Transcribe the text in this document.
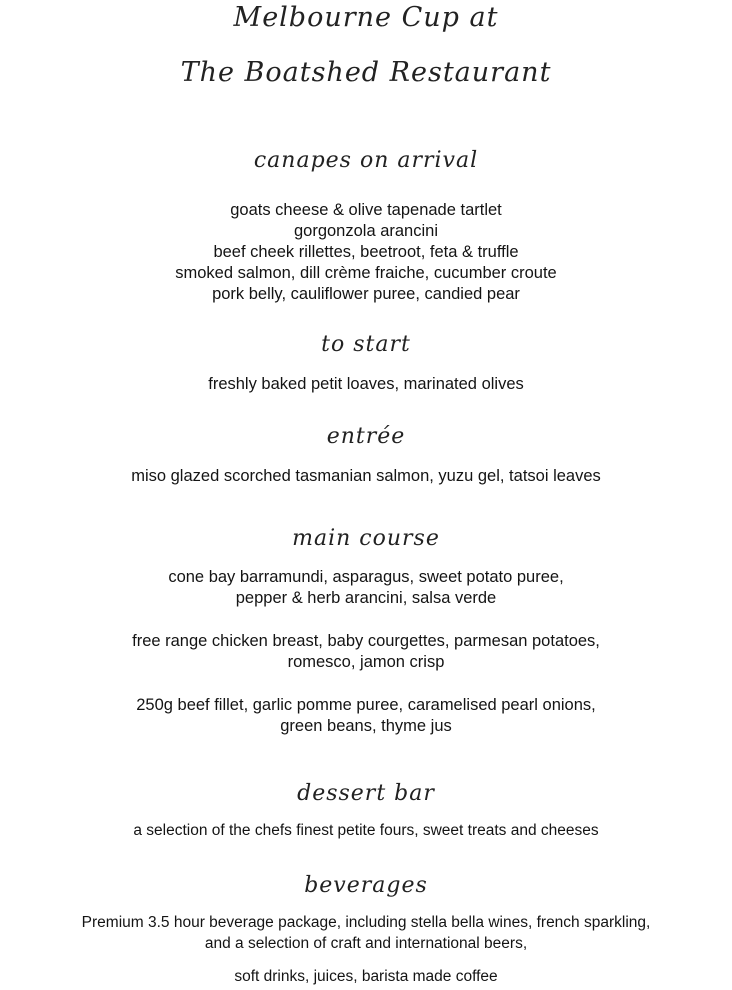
Melbourne Cup at
The Boatshed Restaurant
canapes on arrival
goats cheese & olive tapenade tartlet
gorgonzola arancini
beef cheek rillettes, beetroot, feta & truffle
smoked salmon, dill crème fraiche, cucumber croute
pork belly, cauliflower puree, candied pear
to start

freshly baked petit loaves, marinated olives

entrée

miso glazed scorched tasmanian salmon, yuzu gel, tatsoi leaves

main course
cone bay barramundi, asparagus, sweet potato puree,
pepper & herb arancini, salsa verde
free range chicken breast, baby courgettes, parmesan potatoes,
romesco, jamon crisp
250g beef fillet, garlic pomme puree, caramelised pearl onions,
green beans, thyme jus
dessert bar

a selection of the chefs finest petite fours, sweet treats and cheeses

beverages
Premium 3.5 hour beverage package, including stella bella wines, french sparkling,
and a selection of craft and international beers,

soft drinks, juices, barista made coffee
